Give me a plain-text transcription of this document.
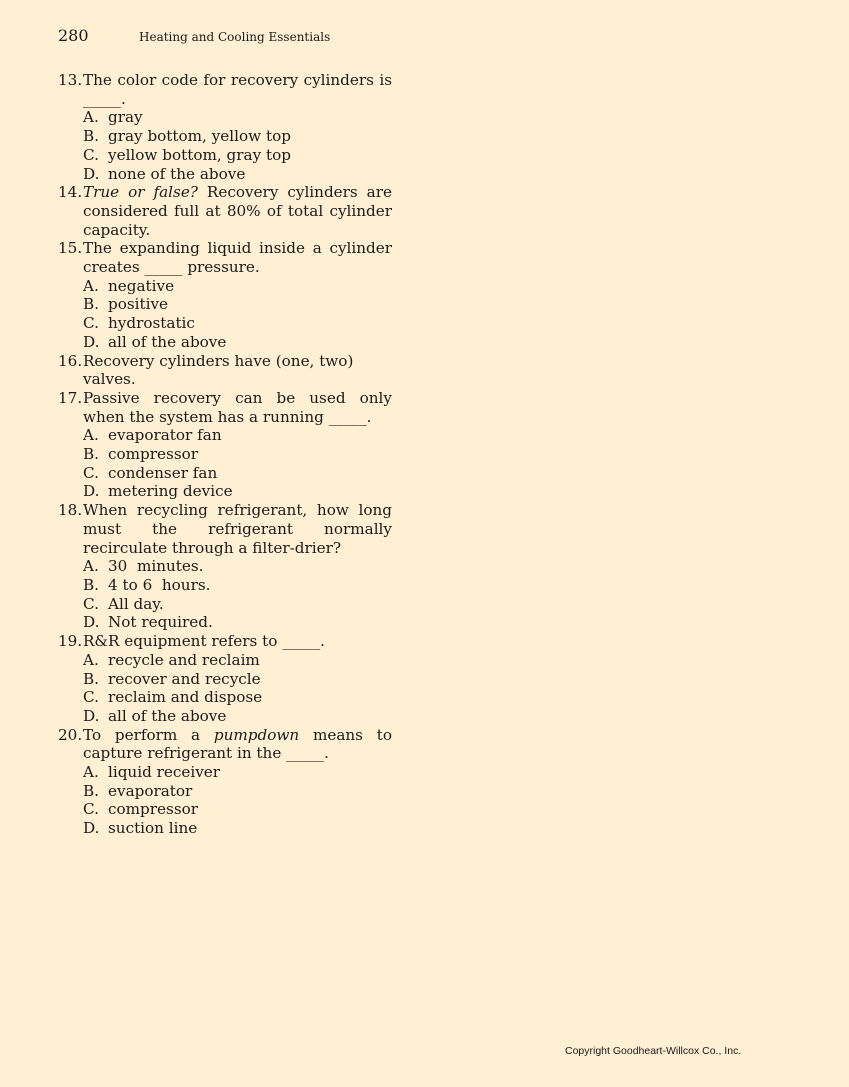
280	Heating and Cooling Essentials
13. The color code for recovery cylinders is
_____.
A. gray
B. gray bottom, yellow top
C. yellow bottom, gray top
D. none of the above
14. True or false? Recovery cylinders are considered full at 80% of total cylinder capacity.
15. The expanding liquid inside a cylinder creates _____ pressure.
A. negative
B. positive
C. hydrostatic
D. all of the above
16. Recovery cylinders have (one, two) valves.
17. Passive recovery can be used only when the system has a running _____.
A. evaporator fan
B. compressor
C. condenser fan
D. metering device
18. When recycling refrigerant, how long must the refrigerant normally recirculate through a filter-drier?
A. 30  minutes.
B. 4 to 6  hours.
C. All day.
D. Not required.
19. R&R equipment refers to _____.
A. recycle and reclaim
B. recover and recycle
C. reclaim and dispose
D. all of the above
20. To perform a pumpdown means to capture refrigerant in the _____.
A. liquid receiver
B. evaporator
C. compressor
D. suction line
Copyright Goodheart-Willcox Co., Inc.
